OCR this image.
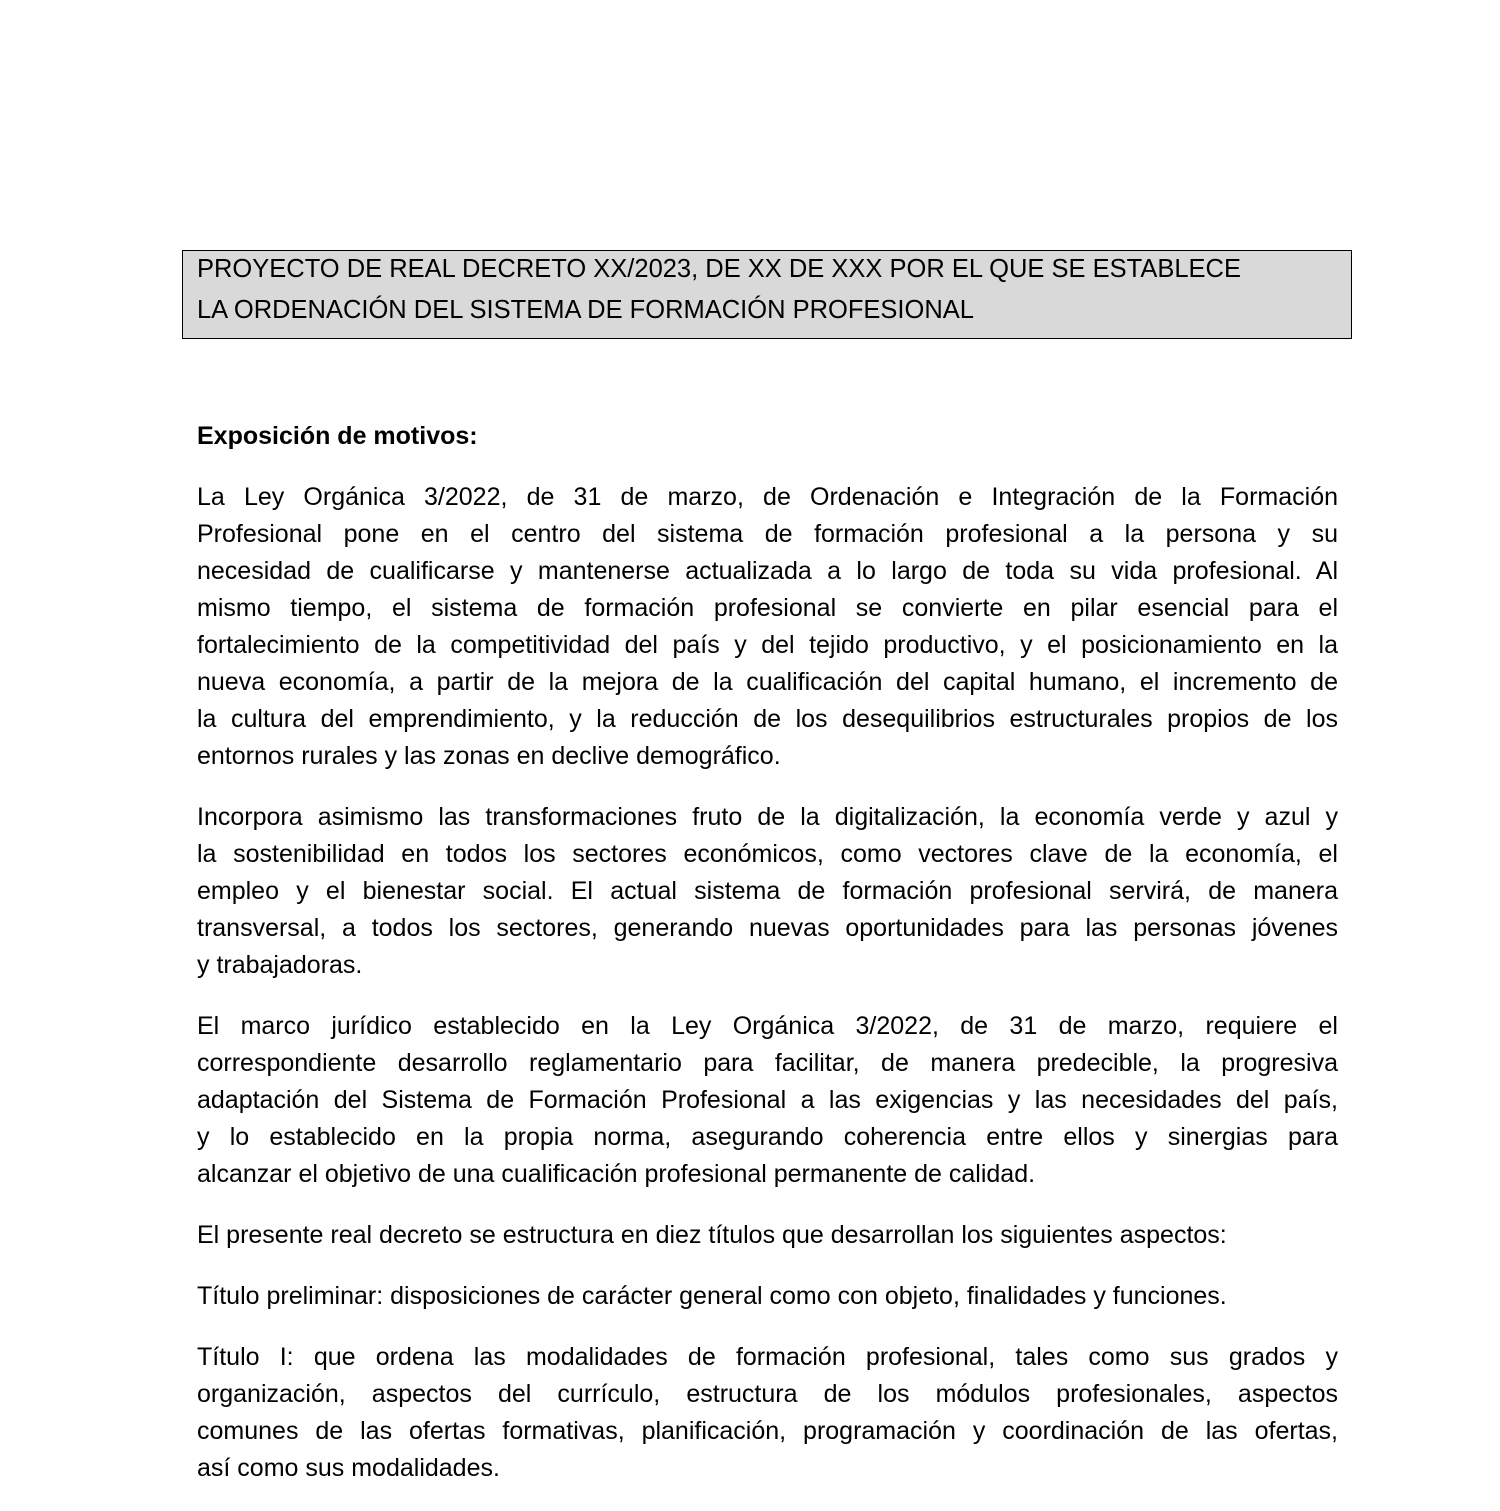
PROYECTO DE REAL DECRETO XX/2023, DE XX DE XXX POR EL QUE SE ESTABLECE
LA ORDENACIÓN DEL SISTEMA DE FORMACIÓN PROFESIONAL
Exposición de motivos:
La Ley Orgánica 3/2022, de 31 de marzo, de Ordenación e Integración de la Formación
Profesional pone en el centro del sistema de formación profesional a la persona y su
necesidad de cualificarse y mantenerse actualizada a lo largo de toda su vida profesional. Al
mismo tiempo, el sistema de formación profesional se convierte en pilar esencial para el
fortalecimiento de la competitividad del país y del tejido productivo, y el posicionamiento en la
nueva economía, a partir de la mejora de la cualificación del capital humano, el incremento de
la cultura del emprendimiento, y la reducción de los desequilibrios estructurales propios de los
entornos rurales y las zonas en declive demográfico.
Incorpora asimismo las transformaciones fruto de la digitalización, la economía verde y azul y
la sostenibilidad en todos los sectores económicos, como vectores clave de la economía, el
empleo y el bienestar social. El actual sistema de formación profesional servirá, de manera
transversal, a todos los sectores, generando nuevas oportunidades para las personas jóvenes
y trabajadoras.
El marco jurídico establecido en la Ley Orgánica 3/2022, de 31 de marzo, requiere el
correspondiente desarrollo reglamentario para facilitar, de manera predecible, la progresiva
adaptación del Sistema de Formación Profesional a las exigencias y las necesidades del país,
y lo establecido en la propia norma, asegurando coherencia entre ellos y sinergias para
alcanzar el objetivo de una cualificación profesional permanente de calidad.
El presente real decreto se estructura en diez títulos que desarrollan los siguientes aspectos:
Título preliminar: disposiciones de carácter general como con objeto, finalidades y funciones.
Título I: que ordena las modalidades de formación profesional, tales como sus grados y
organización, aspectos del currículo, estructura de los módulos profesionales, aspectos
comunes de las ofertas formativas, planificación, programación y coordinación de las ofertas,
así como sus modalidades.
